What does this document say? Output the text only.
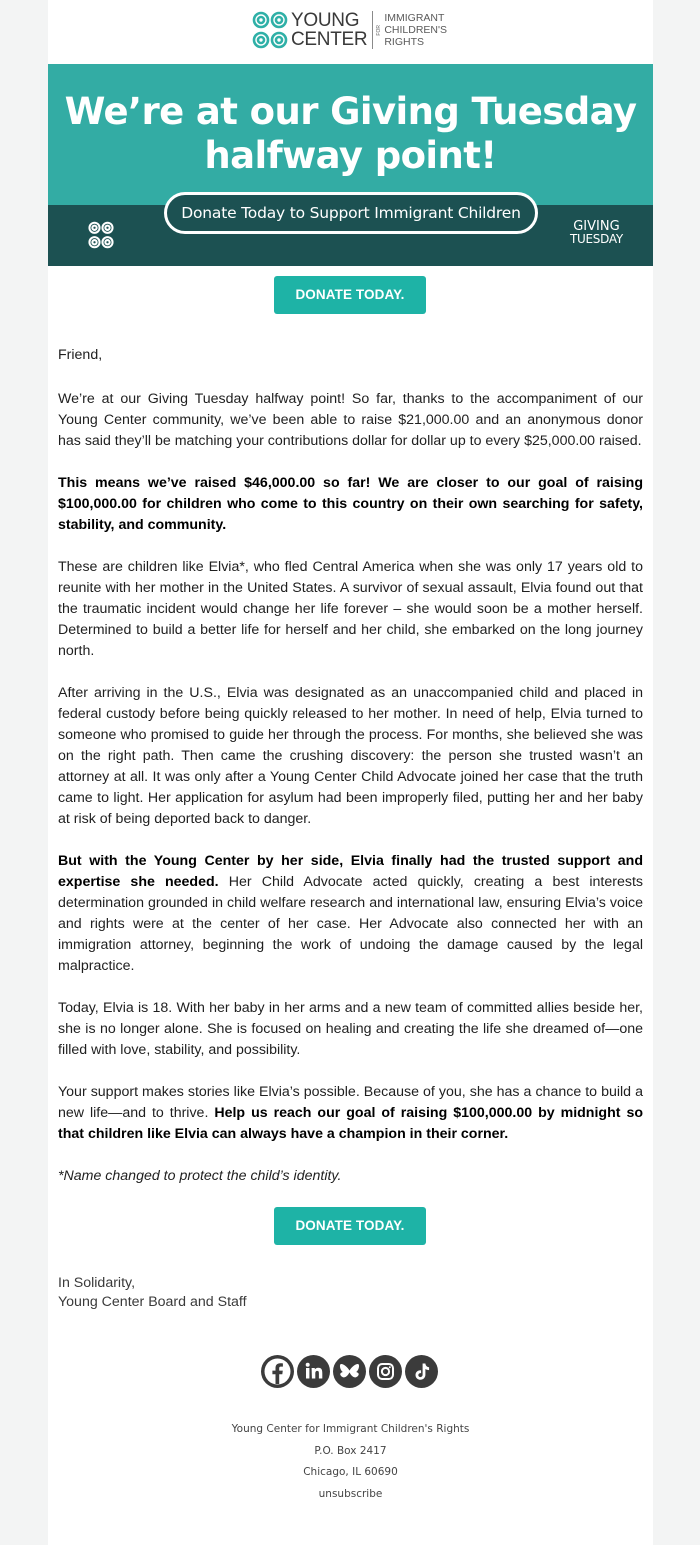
YOUNG
CENTER FOR
IMMIGRANT
CHILDREN'S
RIGHTS
We’re at our Giving Tuesday
halfway point!
Donate Today to Support Immigrant Children
GIVING
TUESDAY
DONATE TODAY.
Friend,
We’re at our Giving Tuesday halfway point! So far, thanks to the accompaniment of our Young Center community, we’ve been able to raise $21,000.00 and an anonymous donor has said they’ll be matching your contributions dollar for dollar up to every $25,000.00 raised.
This means we’ve raised $46,000.00 so far! We are closer to our goal of raising $100,000.00 for children who come to this country on their own searching for safety, stability, and community.
These are children like Elvia*, who fled Central America when she was only 17 years old to reunite with her mother in the United States. A survivor of sexual assault, Elvia found out that the traumatic incident would change her life forever – she would soon be a mother herself. Determined to build a better life for herself and her child, she embarked on the long journey north.
After arriving in the U.S., Elvia was designated as an unaccompanied child and placed in federal custody before being quickly released to her mother. In need of help, Elvia turned to someone who promised to guide her through the process. For months, she believed she was on the right path. Then came the crushing discovery: the person she trusted wasn’t an attorney at all. It was only after a Young Center Child Advocate joined her case that the truth came to light. Her application for asylum had been improperly filed, putting her and her baby at risk of being deported back to danger.
But with the Young Center by her side, Elvia finally had the trusted support and expertise she needed. Her Child Advocate acted quickly, creating a best interests determination grounded in child welfare research and international law, ensuring Elvia’s voice and rights were at the center of her case. Her Advocate also connected her with an immigration attorney, beginning the work of undoing the damage caused by the legal malpractice.
Today, Elvia is 18. With her baby in her arms and a new team of committed allies beside her, she is no longer alone. She is focused on healing and creating the life she dreamed of—one filled with love, stability, and possibility.
Your support makes stories like Elvia’s possible. Because of you, she has a chance to build a new life—and to thrive. Help us reach our goal of raising $100,000.00 by midnight so that children like Elvia can always have a champion in their corner.
*Name changed to protect the child’s identity.
DONATE TODAY.
In Solidarity,
Young Center Board and Staff
Young Center for Immigrant Children's Rights
P.O. Box 2417
Chicago, IL 60690
unsubscribe
